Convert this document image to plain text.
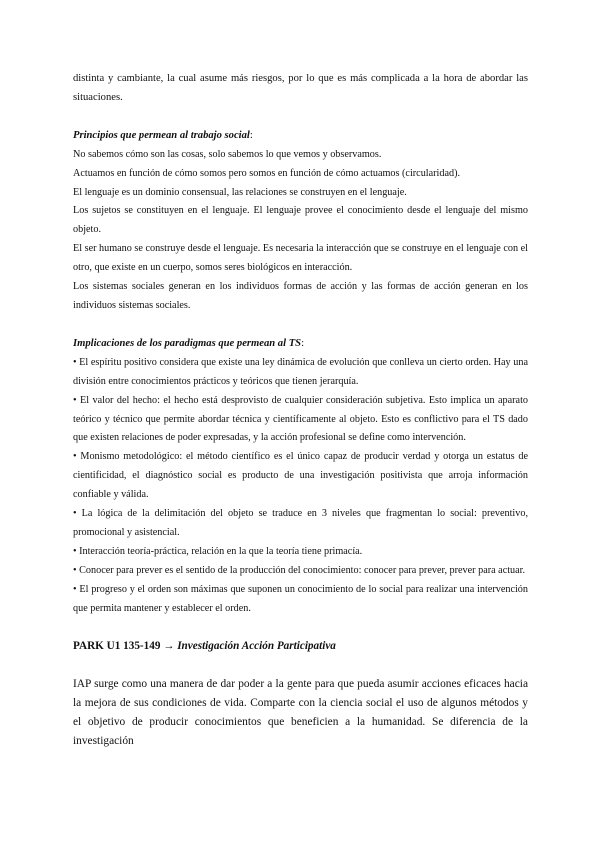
distinta y cambiante, la cual asume más riesgos, por lo que es más complicada a la hora de abordar las situaciones.

Principios que permean al trabajo social:

No sabemos cómo son las cosas, solo sabemos lo que vemos y observamos.

Actuamos en función de cómo somos pero somos en función de cómo actuamos (circularidad).

El lenguaje es un dominio consensual, las relaciones se construyen en el lenguaje.

Los sujetos se constituyen en el lenguaje. El lenguaje provee el conocimiento desde el lenguaje del mismo objeto.

El ser humano se construye desde el lenguaje. Es necesaria la interacción que se construye en el lenguaje con el otro, que existe en un cuerpo, somos seres biológicos en interacción.

Los sistemas sociales generan en los individuos formas de acción y las formas de acción generan en los individuos sistemas sociales.

Implicaciones de los paradigmas que permean al TS:

• El espíritu positivo considera que existe una ley dinámica de evolución que conlleva un cierto orden. Hay una división entre conocimientos prácticos y teóricos que tienen jerarquía.
• El valor del hecho: el hecho está desprovisto de cualquier consideración subjetiva. Esto implica un aparato teórico y técnico que permite abordar técnica y científicamente al objeto. Esto es conflictivo para el TS dado que existen relaciones de poder expresadas, y la acción profesional se define como intervención.
• Monismo metodológico: el método científico es el único capaz de producir verdad y otorga un estatus de cientificidad, el diagnóstico social es producto de una investigación positivista que arroja información confiable y válida.
• La lógica de la delimitación del objeto se traduce en 3 niveles que fragmentan lo social: preventivo, promocional y asistencial.
• Interacción teoría-práctica, relación en la que la teoría tiene primacía.
• Conocer para prever es el sentido de la producción del conocimiento: conocer para prever, prever para actuar.
• El progreso y el orden son máximas que suponen un conocimiento de lo social para realizar una intervención que permita mantener y establecer el orden.

PARK U1 135-149 → Investigación Acción Participativa

IAP surge como una manera de dar poder a la gente para que pueda asumir acciones eficaces hacia la mejora de sus condiciones de vida. Comparte con la ciencia social el uso de algunos métodos y el objetivo de producir conocimientos que beneficien a la humanidad. Se diferencia de la investigación
